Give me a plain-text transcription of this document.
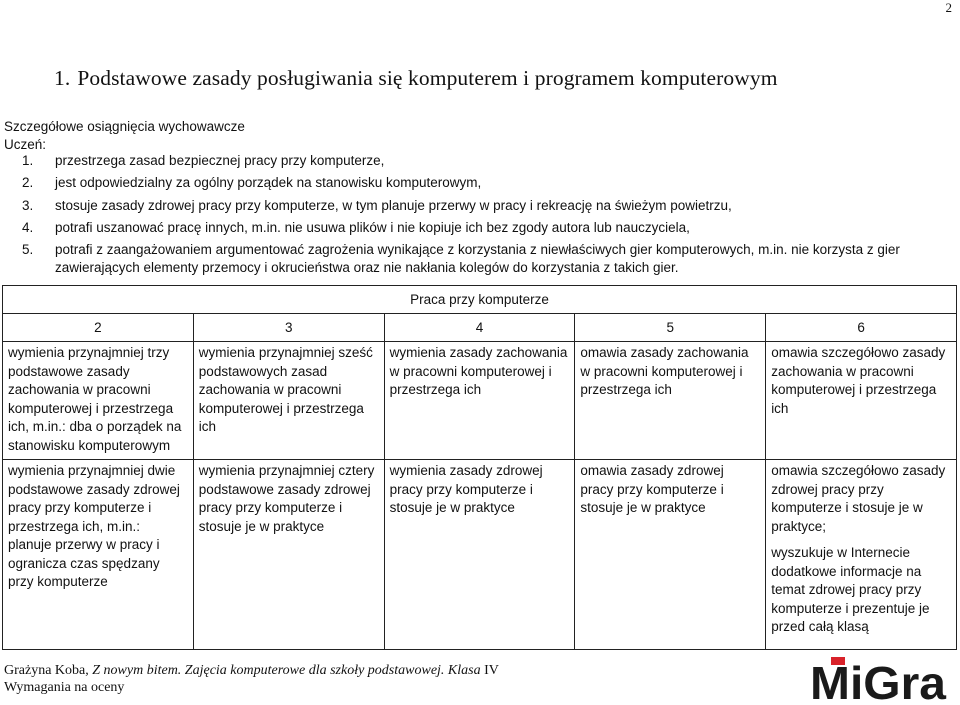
2
1. Podstawowe zasady posługiwania się komputerem i programem komputerowym
Szczegółowe osiągnięcia wychowawcze
Uczeń:
1.	przestrzega zasad bezpiecznej pracy przy komputerze,
2.	jest odpowiedzialny za ogólny porządek na stanowisku komputerowym,
3.	stosuje zasady zdrowej pracy przy komputerze, w tym planuje przerwy w pracy i rekreację na świeżym powietrzu,
4.	potrafi uszanować pracę innych, m.in. nie usuwa plików i nie kopiuje ich bez zgody autora lub nauczyciela,
5.	potrafi z zaangażowaniem argumentować zagrożenia wynikające z korzystania z niewłaściwych gier komputerowych, m.in. nie korzysta z gier zawierających elementy przemocy i okrucieństwa oraz nie nakłania kolegów do korzystania z takich gier.
Praca przy komputerze				
2	3	4	5	6
wymienia przynajmniej trzy podstawowe zasady zachowania w pracowni komputerowej i przestrzega ich, m.in.: dba o porządek na stanowisku komputerowym	wymienia przynajmniej sześć podstawowych zasad zachowania w pracowni komputerowej i przestrzega ich	wymienia zasady zachowania w pracowni komputerowej i przestrzega ich	omawia zasady zachowania w pracowni komputerowej i przestrzega ich	omawia szczegółowo zasady zachowania w pracowni komputerowej i przestrzega ich
wymienia przynajmniej dwie podstawowe zasady zdrowej pracy przy komputerze i przestrzega ich, m.in.: planuje przerwy w pracy i ogranicza czas spędzany przy komputerze	wymienia przynajmniej cztery podstawowe zasady zdrowej pracy przy komputerze i stosuje je w praktyce	wymienia zasady zdrowej pracy przy komputerze i stosuje je w praktyce	omawia zasady zdrowej pracy przy komputerze i stosuje je w praktyce	omawia szczegółowo zasady zdrowej pracy przy komputerze i stosuje je w praktyce;

wyszukuje w Internecie dodatkowe informacje na temat zdrowej pracy przy komputerze i prezentuje je przed całą klasą

Grażyna Koba, Z nowym bitem. Zajęcia komputerowe dla szkoły podstawowej. Klasa IV
Wymagania na oceny	MiGra
